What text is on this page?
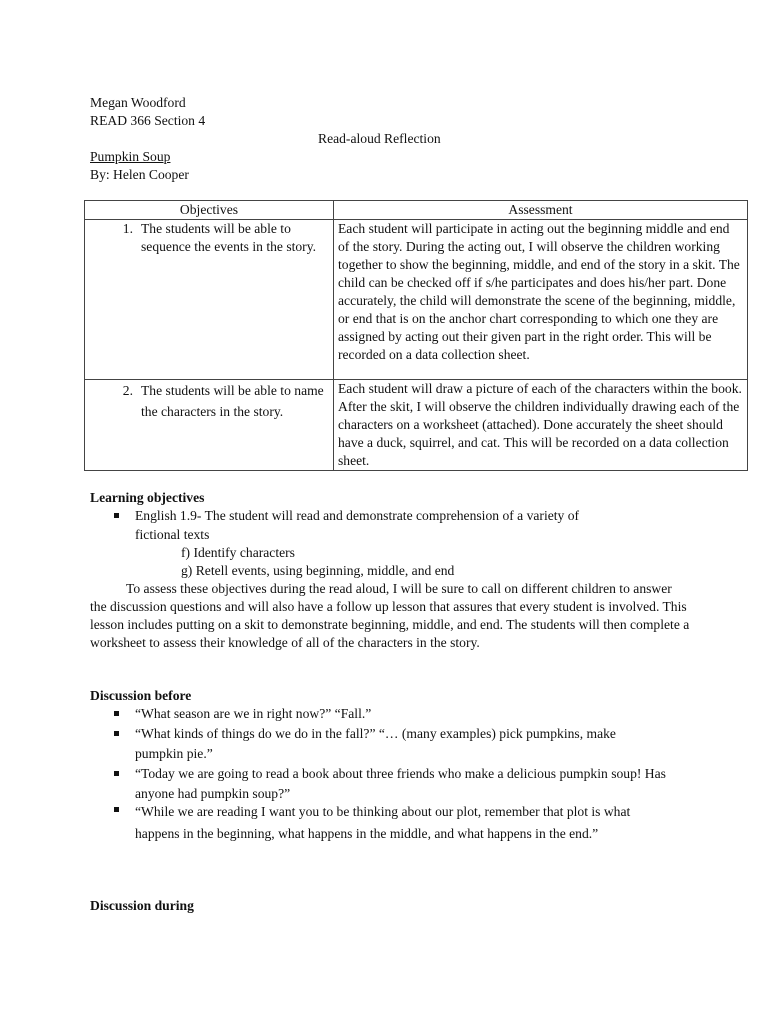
Megan Woodford
READ 366 Section 4
Read-aloud Reflection
Pumpkin Soup
By: Helen Cooper
Objectives	Assessment

1. The students will be able to sequence the events in the story.	Each student will participate in acting out the beginning middle and end of the story. During the acting out, I will observe the children working together to show the beginning, middle, and end of the story in a skit. The child can be checked off if s/he participates and does his/her part. Done accurately, the child will demonstrate the scene of the beginning, middle, or end that is on the anchor chart corresponding to which one they are assigned by acting out their given part in the right order. This will be recorded on a data collection sheet.

2. The students will be able to name the characters in the story.	Each student will draw a picture of each of the characters within the book. After the skit, I will observe the children individually drawing each of the characters on a worksheet (attached). Done accurately the sheet should have a duck, squirrel, and cat. This will be recorded on a data collection sheet.
Learning objectives
English 1.9- The student will read and demonstrate comprehension of a variety of
fictional texts
f) Identify characters
g) Retell events, using beginning, middle, and end
To assess these objectives during the read aloud, I will be sure to call on different children to answer the discussion questions and will also have a follow up lesson that assures that every student is involved. This lesson includes putting on a skit to demonstrate beginning, middle, and end. The students will then complete a worksheet to assess their knowledge of all of the characters in the story.
Discussion before
“What season are we in right now?” “Fall.”
“What kinds of things do we do in the fall?” “… (many examples) pick pumpkins, make pumpkin pie.”
“Today we are going to read a book about three friends who make a delicious pumpkin soup! Has anyone had pumpkin soup?”
“While we are reading I want you to be thinking about our plot, remember that plot is what happens in the beginning, what happens in the middle, and what happens in the end.”
Discussion during
